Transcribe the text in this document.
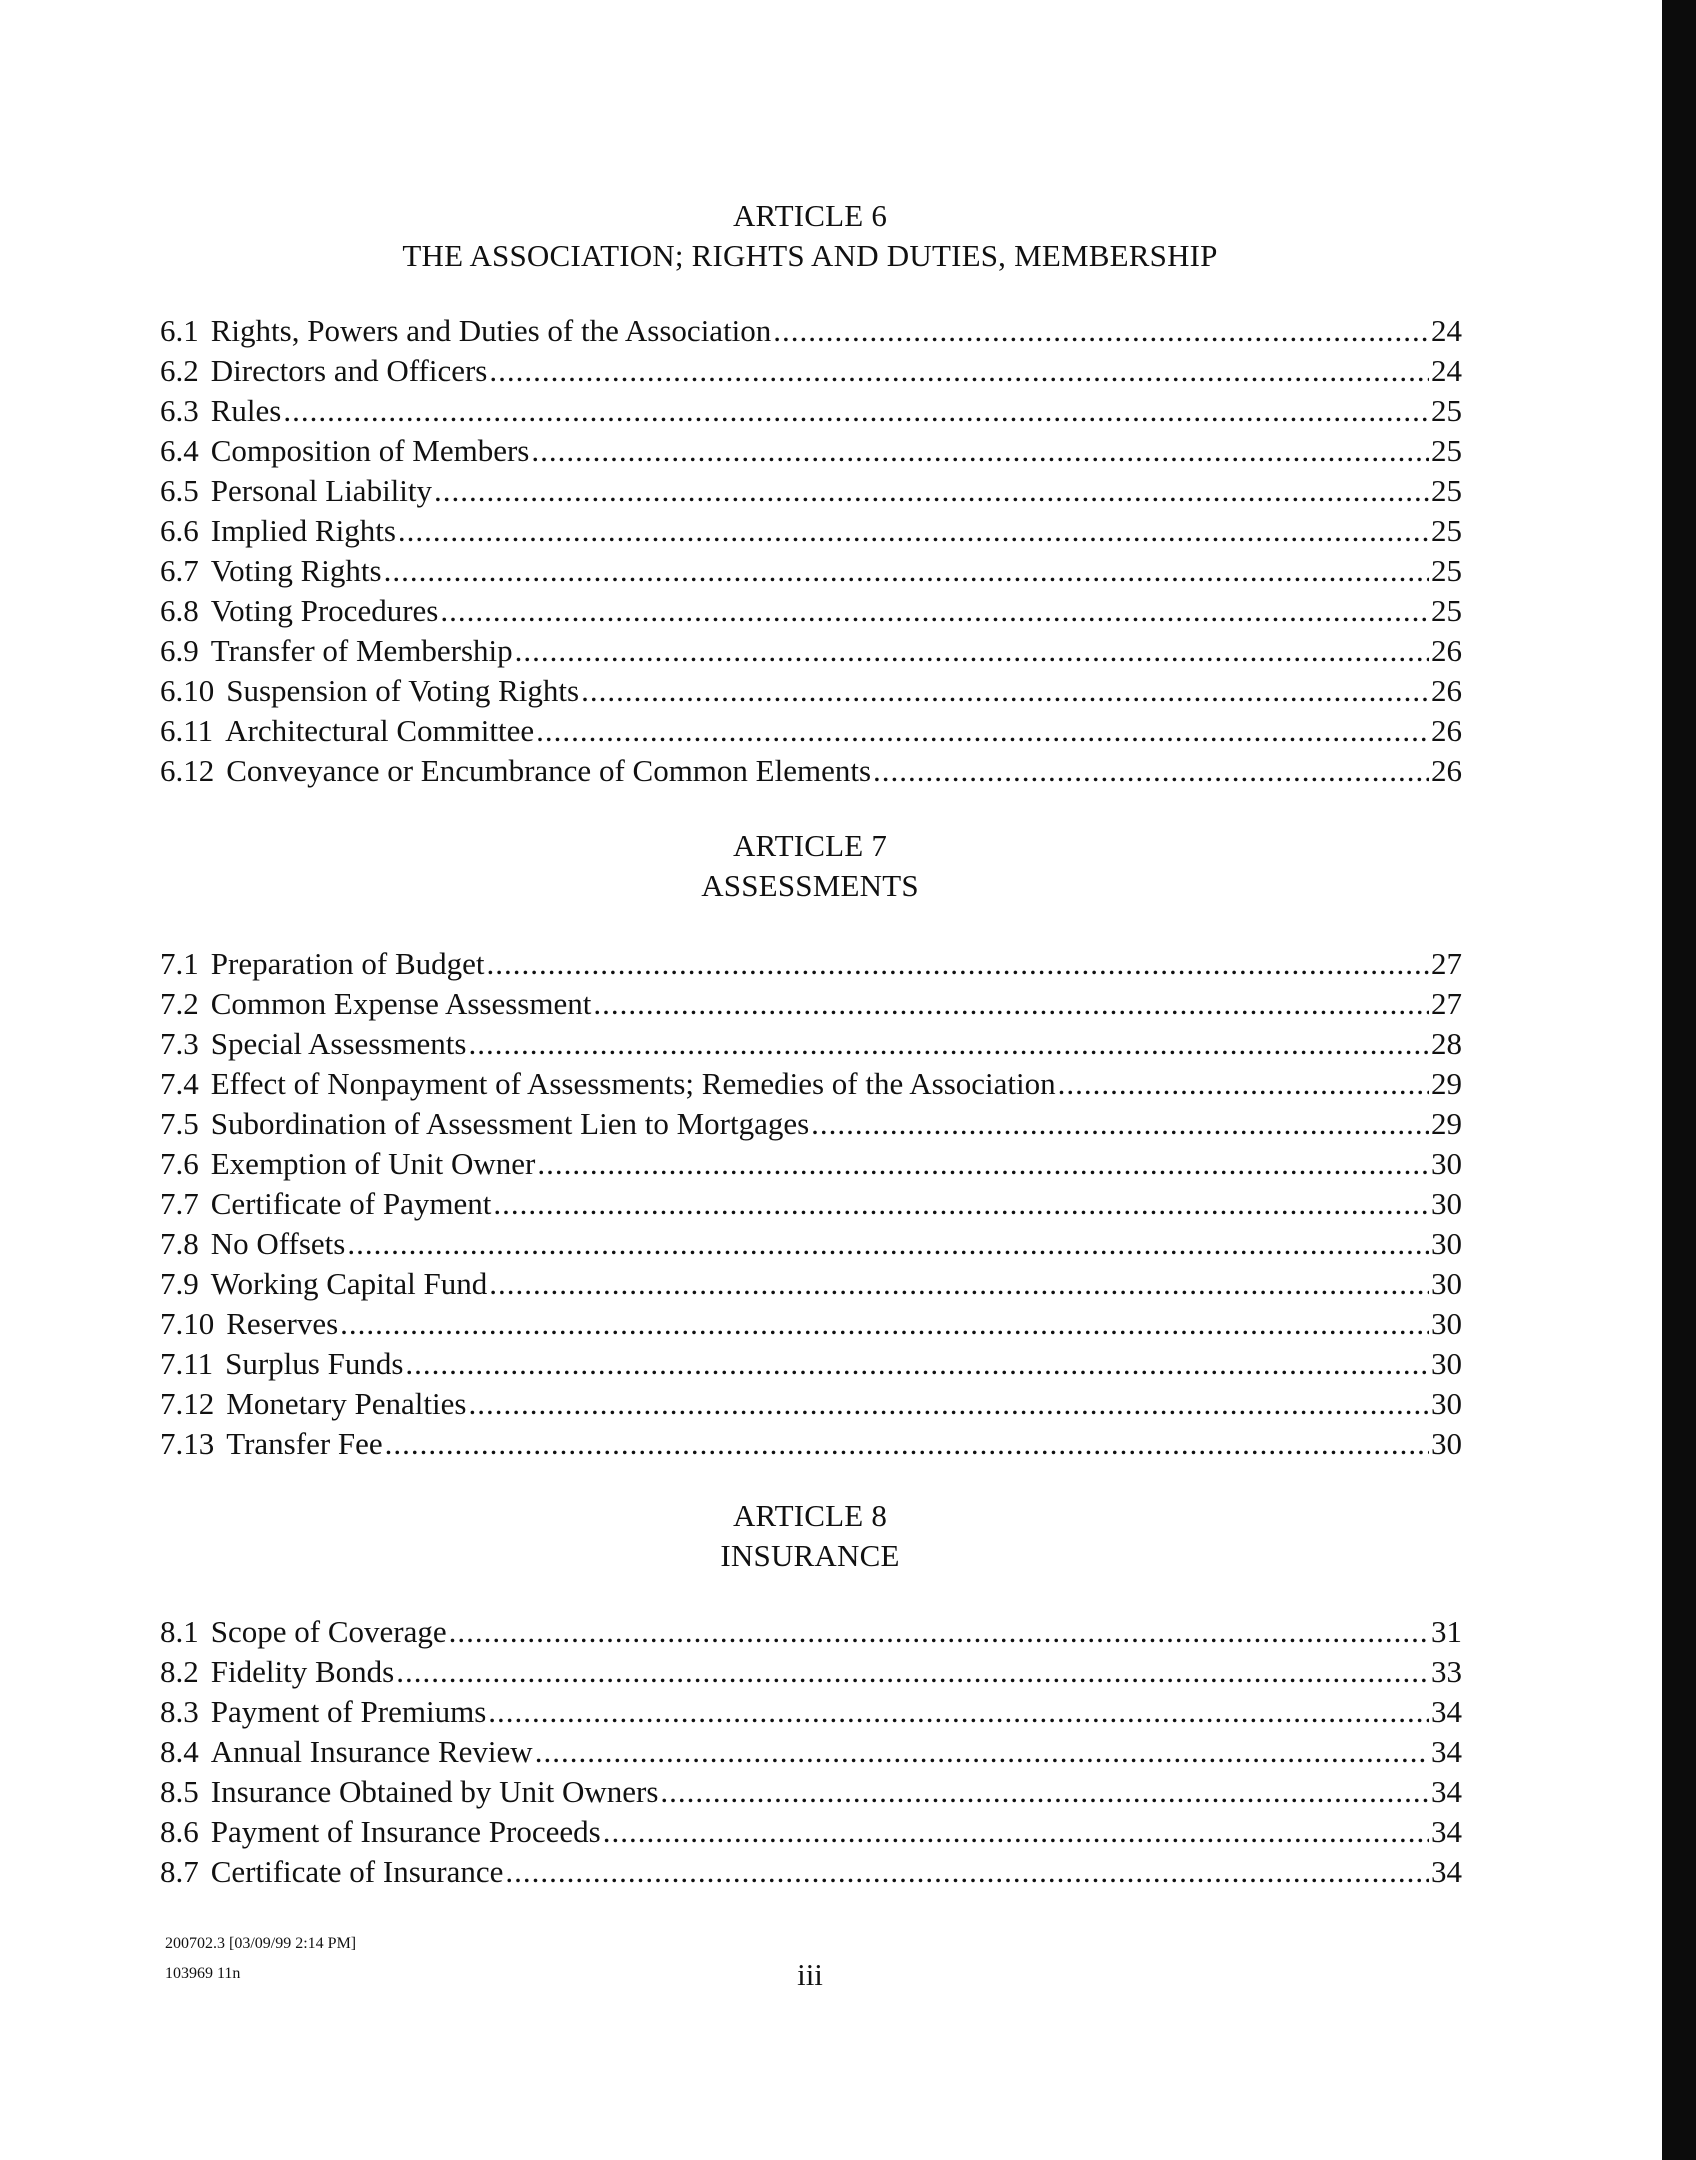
ARTICLE 6
THE ASSOCIATION; RIGHTS AND DUTIES, MEMBERSHIP
6.1 Rights, Powers and Duties of the Association .....	24
6.2 Directors and Officers .....	24
6.3 Rules .....	25
6.4 Composition of Members .....	25
6.5 Personal Liability .....	25
6.6 Implied Rights .....	25
6.7 Voting Rights .....	25
6.8 Voting Procedures .....	25
6.9 Transfer of Membership .....	26
6.10 Suspension of Voting Rights .....	26
6.11 Architectural Committee .....	26
6.12 Conveyance or Encumbrance of Common Elements .....	26
ARTICLE 7
ASSESSMENTS
7.1 Preparation of Budget .....	27
7.2 Common Expense Assessment .....	27
7.3 Special Assessments .....	28
7.4 Effect of Nonpayment of Assessments; Remedies of the Association .....	29
7.5 Subordination of Assessment Lien to Mortgages .....	29
7.6 Exemption of Unit Owner .....	30
7.7 Certificate of Payment .....	30
7.8 No Offsets .....	30
7.9 Working Capital Fund .....	30
7.10 Reserves .....	30
7.11 Surplus Funds .....	30
7.12 Monetary Penalties .....	30
7.13 Transfer Fee .....	30
ARTICLE 8
INSURANCE
8.1 Scope of Coverage .....	31
8.2 Fidelity Bonds .....	33
8.3 Payment of Premiums .....	34
8.4 Annual Insurance Review .....	34
8.5 Insurance Obtained by Unit Owners .....	34
8.6 Payment of Insurance Proceeds .....	34
8.7 Certificate of Insurance .....	34
200702.3 [03/09/99 2:14 PM]
103969 11n	iii
